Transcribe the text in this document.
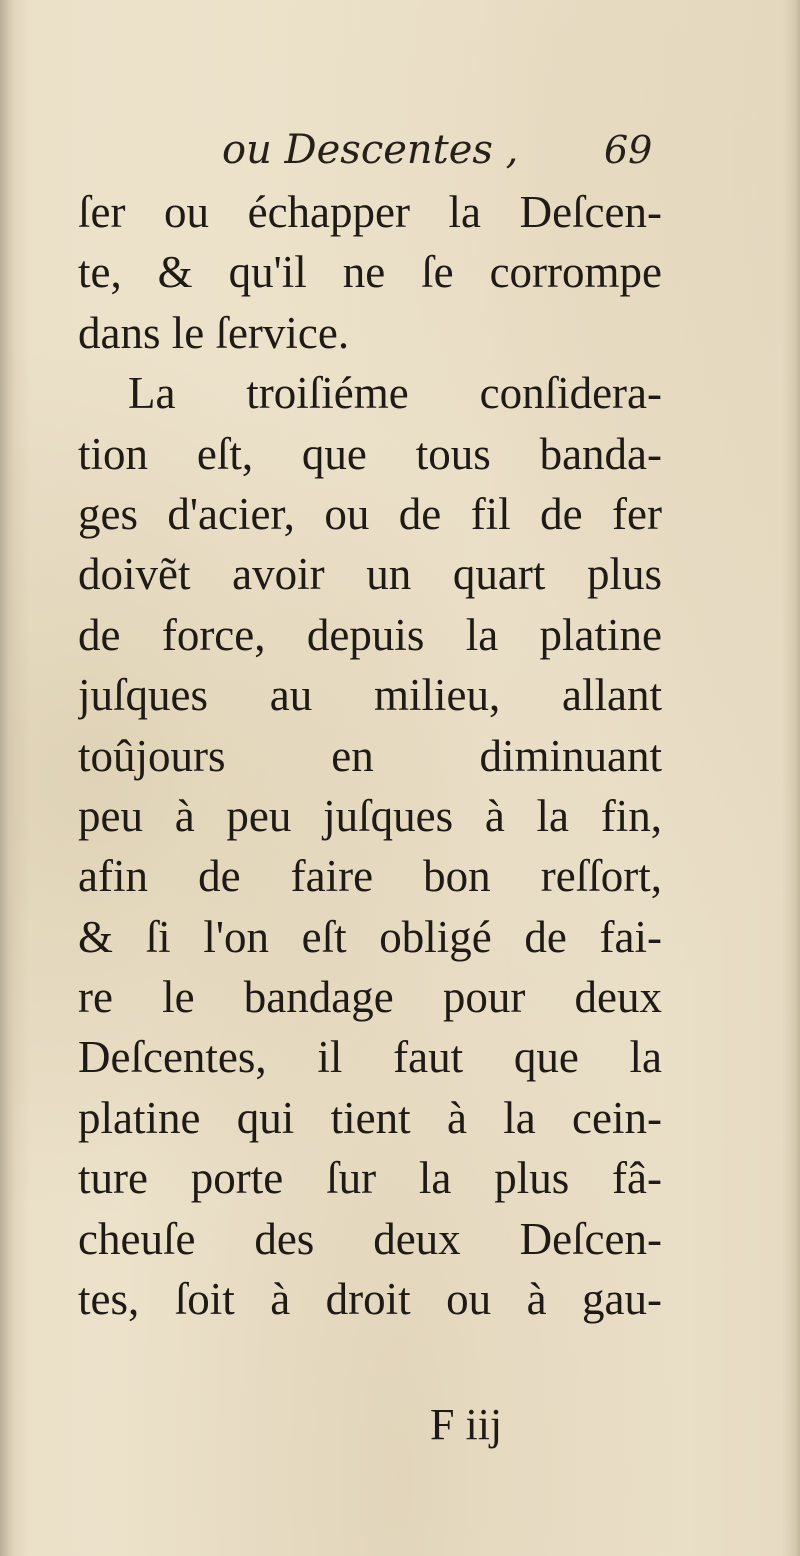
ou Descentes , 69
ſer ou échapper la Deſcen-
te, & qu'il ne ſe corrompe
dans le ſervice.
La troiſiéme conſidera-
tion eſt, que tous banda-
ges d'acier, ou de fil de fer
doivẽt avoir un quart plus
de force, depuis la platine
juſques au milieu, allant
toûjours en diminuant
peu à peu juſques à la fin,
afin de faire bon reſſort,
& ſi l'on eſt obligé de fai-
re le bandage pour deux
Deſcentes, il faut que la
platine qui tient à la cein-
ture porte ſur la plus fâ-
cheuſe des deux Deſcen-
tes, ſoit à droit ou à gau-
F iij
